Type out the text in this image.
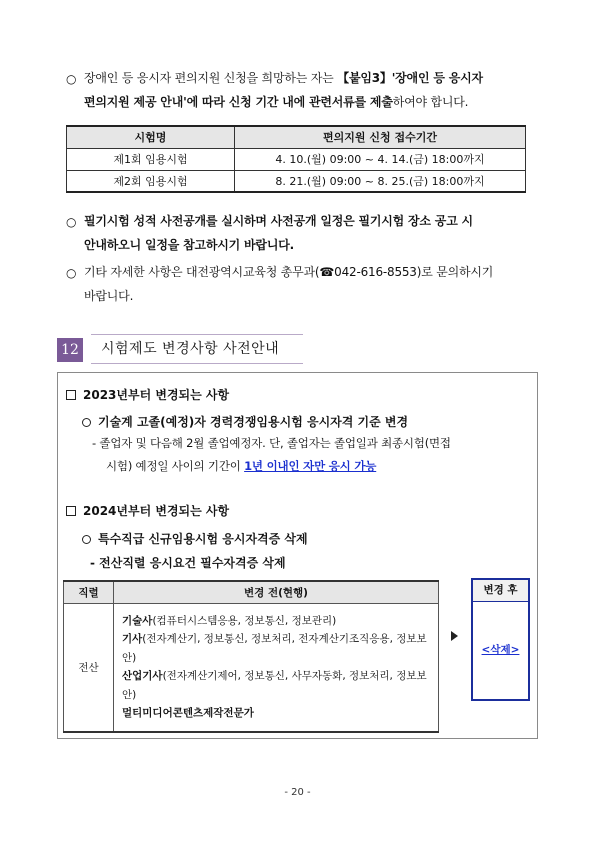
○ 장애인 등 응시자 편의지원 신청을 희망하는 자는 【붙임3】'장애인 등 응시자
편의지원 제공 안내'에 따라 신청 기간 내에 관련서류를 제출하여야 합니다.
시험명	편의지원 신청 접수기간
제1회 임용시험	4. 10.(월) 09:00 ~ 4. 14.(금) 18:00까지
제2회 임용시험	8. 21.(월) 09:00 ~ 8. 25.(금) 18:00까지
○ 필기시험 성적 사전공개를 실시하며 사전공개 일정은 필기시험 장소 공고 시
안내하오니 일정을 참고하시기 바랍니다.
○ 기타 자세한 사항은 대전광역시교육청 총무과(☎042-616-8553)로 문의하시기
바랍니다.
12	시험제도 변경사항 사전안내
2023년부터 변경되는 사항
기술계 고졸(예정)자 경력경쟁임용시험 응시자격 기준 변경
- 졸업자 및 다음해 2월 졸업예정자. 단, 졸업자는 졸업일과 최종시험(면접
시험) 예정일 사이의 기간이 1년 이내인 자만 응시 가능
2024년부터 변경되는 사항
특수직급 신규임용시험 응시자격증 삭제
- 전산직렬 응시요건 필수자격증 삭제
직렬	변경 전(현행)
전산	기술사(컴퓨터시스템응용, 정보통신, 정보관리)
기사(전자계산기, 정보통신, 정보처리, 전자계산기조직응용, 정보보안)
산업기사(전자계산기제어, 정보통신, 사무자동화, 정보처리, 정보보안)
멀티미디어콘텐츠제작전문가
변경 후
<삭제>
- 20 -
